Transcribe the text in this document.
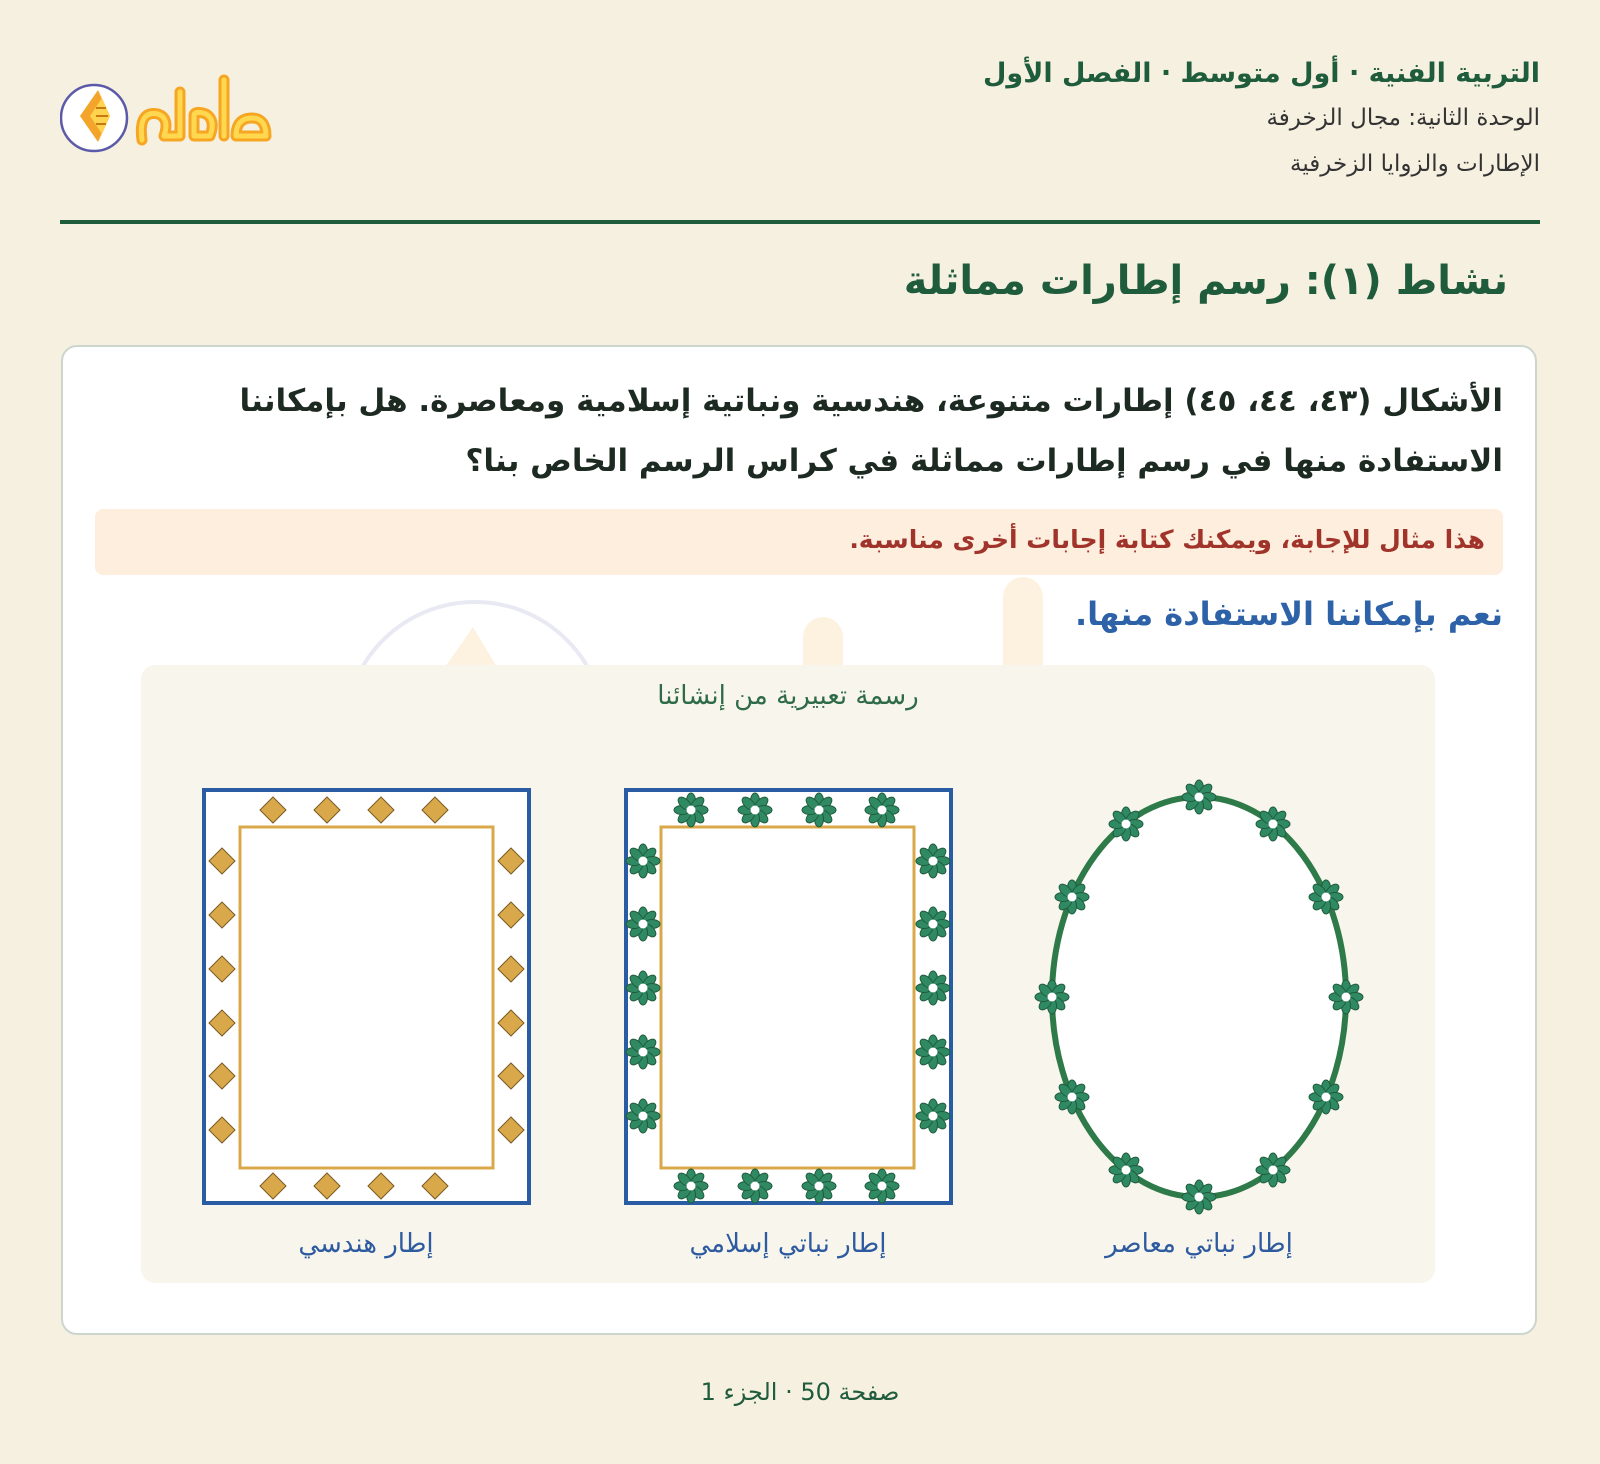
التربية الفنية · أول متوسط · الفصل الأول
الوحدة الثانية: مجال الزخرفة
الإطارات والزوايا الزخرفية
نشاط (١): رسم إطارات مماثلة
الأشكال (٤٣، ٤٤، ٤٥) إطارات متنوعة، هندسية ونباتية إسلامية ومعاصرة. هل بإمكاننا الاستفادة منها في رسم إطارات مماثلة في كراس الرسم الخاص بنا؟
هذا مثال للإجابة، ويمكنك كتابة إجابات أخرى مناسبة.
نعم بإمكاننا الاستفادة منها.
رسمة تعبيرية من إنشائنا
إطار هندسي	إطار نباتي إسلامي	إطار نباتي معاصر
صفحة 50 · الجزء 1
